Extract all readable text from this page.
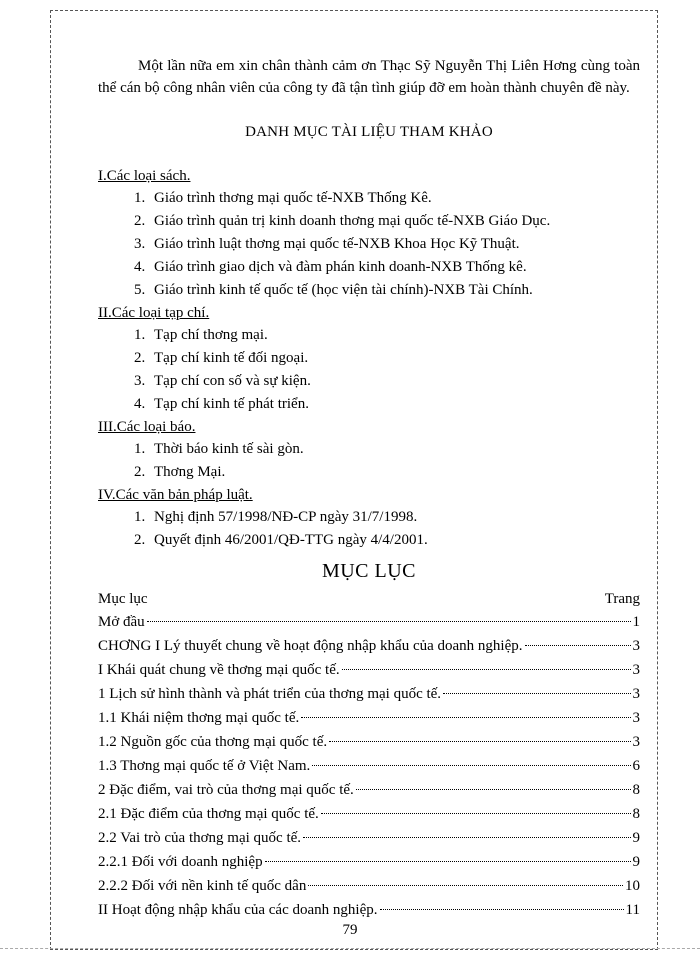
Một lần nữa em xin chân thành cảm ơn Thạc Sỹ Nguyễn Thị Liên Hơng cùng toàn thể cán bộ công nhân viên của công ty đã tận tình giúp đỡ em hoàn thành chuyên đề này.

DANH MỤC TÀI LIỆU THAM KHẢO

I.Các loại sách.

1. Giáo trình thơng mại quốc tế-NXB Thống Kê.
2. Giáo trình quản trị kinh doanh thơng mại quốc tế-NXB Giáo Dục.
3. Giáo trình luật thơng mại quốc tế-NXB Khoa Học Kỹ Thuật.
4. Giáo trình giao dịch và đàm phán kinh doanh-NXB Thống kê.
5. Giáo trình kinh tế quốc tế (học viện tài chính)-NXB Tài Chính.

II.Các loại tạp chí.

1. Tạp chí thơng mại.
2. Tạp chí kinh tế đối ngoại.
3. Tạp chí con số và sự kiện.
4. Tạp chí kinh tế phát triển.

III.Các loại báo.

1. Thời báo kinh tế sài gòn.
2. Thơng Mại.

IV.Các văn bản pháp luật.

1. Nghị định 57/1998/NĐ-CP ngày 31/7/1998.
2. Quyết định 46/2001/QĐ-TTG ngày 4/4/2001.
MỤC LỤC
Mục lục	Trang
Mở đầu	1
CHƠNG I Lý thuyết chung về hoạt động nhập khẩu của doanh nghiệp.	3
I Khái quát chung về thơng mại quốc tế.	3
1 Lịch sử hình thành và phát triển của thơng mại quốc tế.	3
1.1 Khái niệm thơng mại quốc tế.	3
1.2 Nguồn gốc của thơng mại quốc tế.	3
1.3 Thơng mại quốc tế ở Việt Nam.	6
2 Đặc điểm, vai trò của thơng mại quốc tế.	8
2.1 Đặc điểm của thơng mại quốc tế.	8
2.2 Vai trò của thơng mại quốc tế.	9
2.2.1 Đối với doanh nghiệp	9
2.2.2 Đối với nền kinh tế quốc dân	10
II Hoạt động nhập khẩu của các doanh nghiệp.	11
79
